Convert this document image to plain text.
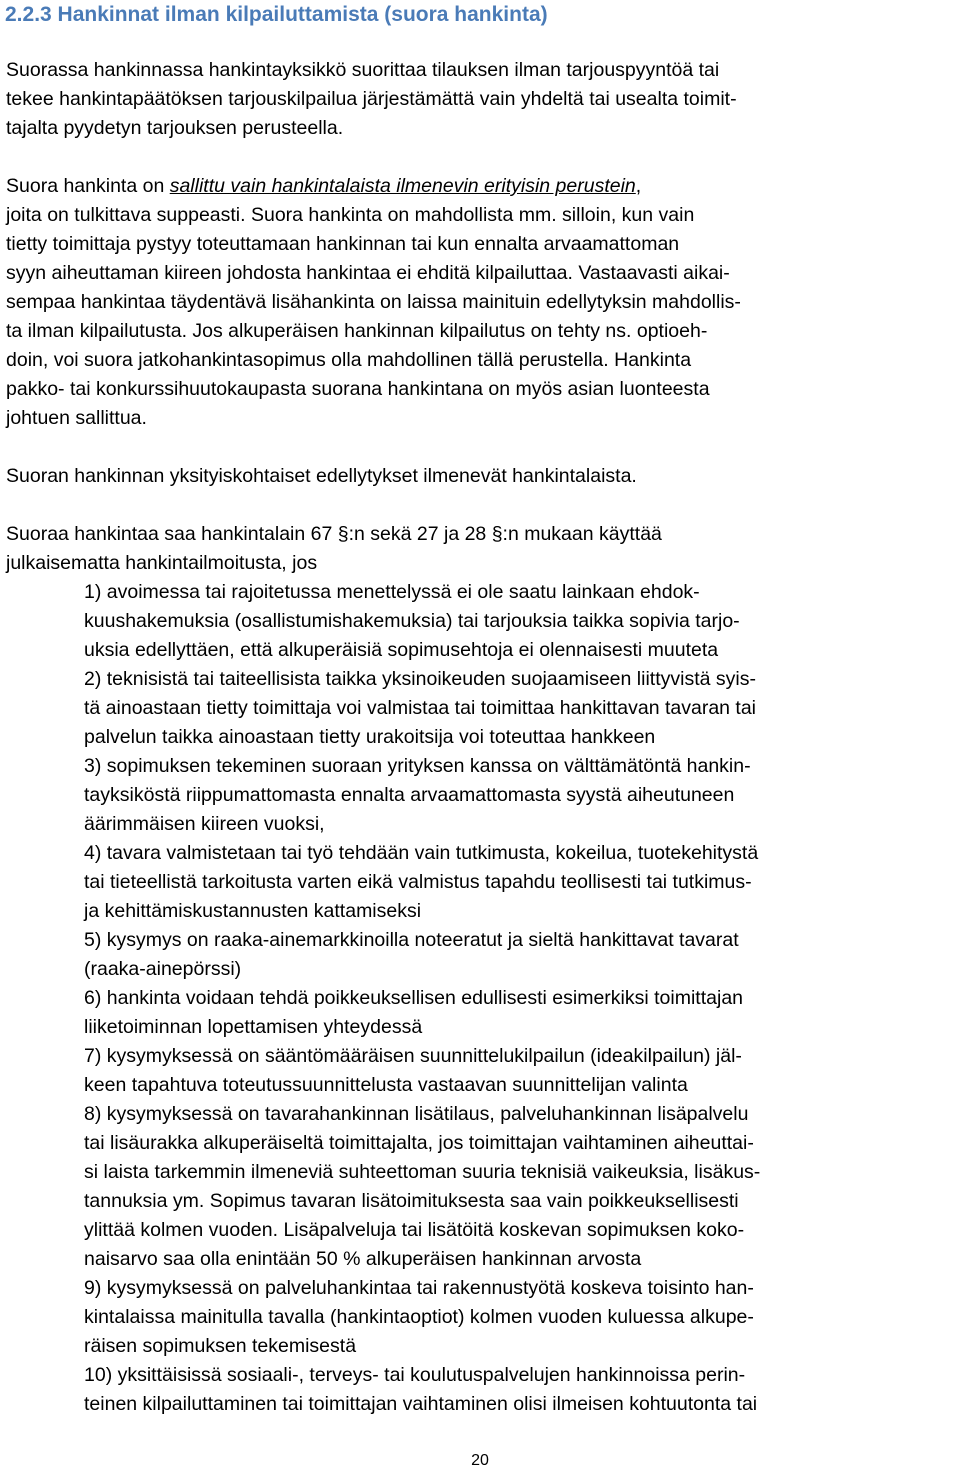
2.2.3 Hankinnat ilman kilpailuttamista (suora hankinta)
Suorassa hankinnassa hankintayksikkö suorittaa tilauksen ilman tarjouspyyntöä tai
tekee hankintapäätöksen tarjouskilpailua järjestämättä vain yhdeltä tai usealta toimit-
tajalta pyydetyn tarjouksen perusteella.
Suora hankinta on sallittu vain hankintalaista ilmenevin erityisin perustein,
joita on tulkittava suppeasti. Suora hankinta on mahdollista mm. silloin, kun vain
tietty toimittaja pystyy toteuttamaan hankinnan tai kun ennalta arvaamattoman
syyn aiheuttaman kiireen johdosta hankintaa ei ehditä kilpailuttaa. Vastaavasti aikai-
sempaa hankintaa täydentävä lisähankinta on laissa mainituin edellytyksin mahdollis-
ta ilman kilpailutusta. Jos alkuperäisen hankinnan kilpailutus on tehty ns. optioeh-
doin, voi suora jatkohankintasopimus olla mahdollinen tällä perustella. Hankinta
pakko- tai konkurssihuutokaupasta suorana hankintana on myös asian luonteesta
johtuen sallittua.
Suoran hankinnan yksityiskohtaiset edellytykset ilmenevät hankintalaista.
Suoraa hankintaa saa hankintalain 67 §:n sekä 27 ja 28 §:n mukaan käyttää
julkaisematta hankintailmoitusta, jos
1) avoimessa tai rajoitetussa menettelyssä ei ole saatu lainkaan ehdok-
kuushakemuksia (osallistumishakemuksia) tai tarjouksia taikka sopivia tarjo-
uksia edellyttäen, että alkuperäisiä sopimusehtoja ei olennaisesti muuteta
2) teknisistä tai taiteellisista taikka yksinoikeuden suojaamiseen liittyvistä syis-
tä ainoastaan tietty toimittaja voi valmistaa tai toimittaa hankittavan tavaran tai
palvelun taikka ainoastaan tietty urakoitsija voi toteuttaa hankkeen
3) sopimuksen tekeminen suoraan yrityksen kanssa on välttämätöntä hankin-
tayksiköstä riippumattomasta ennalta arvaamattomasta syystä aiheutuneen
äärimmäisen kiireen vuoksi,
4) tavara valmistetaan tai työ tehdään vain tutkimusta, kokeilua, tuotekehitystä
tai tieteellistä tarkoitusta varten eikä valmistus tapahdu teollisesti tai tutkimus-
ja kehittämiskustannusten kattamiseksi
5) kysymys on raaka-ainemarkkinoilla noteeratut ja sieltä hankittavat tavarat
(raaka-ainepörssi)
6) hankinta voidaan tehdä poikkeuksellisen edullisesti esimerkiksi toimittajan
liiketoiminnan lopettamisen yhteydessä
7) kysymyksessä on sääntömääräisen suunnittelukilpailun (ideakilpailun) jäl-
keen tapahtuva toteutussuunnittelusta vastaavan suunnittelijan valinta
8) kysymyksessä on tavarahankinnan lisätilaus, palveluhankinnan lisäpalvelu
tai lisäurakka alkuperäiseltä toimittajalta, jos toimittajan vaihtaminen aiheuttai-
si laista tarkemmin ilmeneviä suhteettoman suuria teknisiä vaikeuksia, lisäkus-
tannuksia ym. Sopimus tavaran lisätoimituksesta saa vain poikkeuksellisesti
ylittää kolmen vuoden. Lisäpalveluja tai lisätöitä koskevan sopimuksen koko-
naisarvo saa olla enintään 50 % alkuperäisen hankinnan arvosta
9) kysymyksessä on palveluhankintaa tai rakennustyötä koskeva toisinto han-
kintalaissa mainitulla tavalla (hankintaoptiot) kolmen vuoden kuluessa alkupe-
räisen sopimuksen tekemisestä
10) yksittäisissä sosiaali-, terveys- tai koulutuspalvelujen hankinnoissa perin-
teinen kilpailuttaminen tai toimittajan vaihtaminen olisi ilmeisen kohtuutonta tai
20
